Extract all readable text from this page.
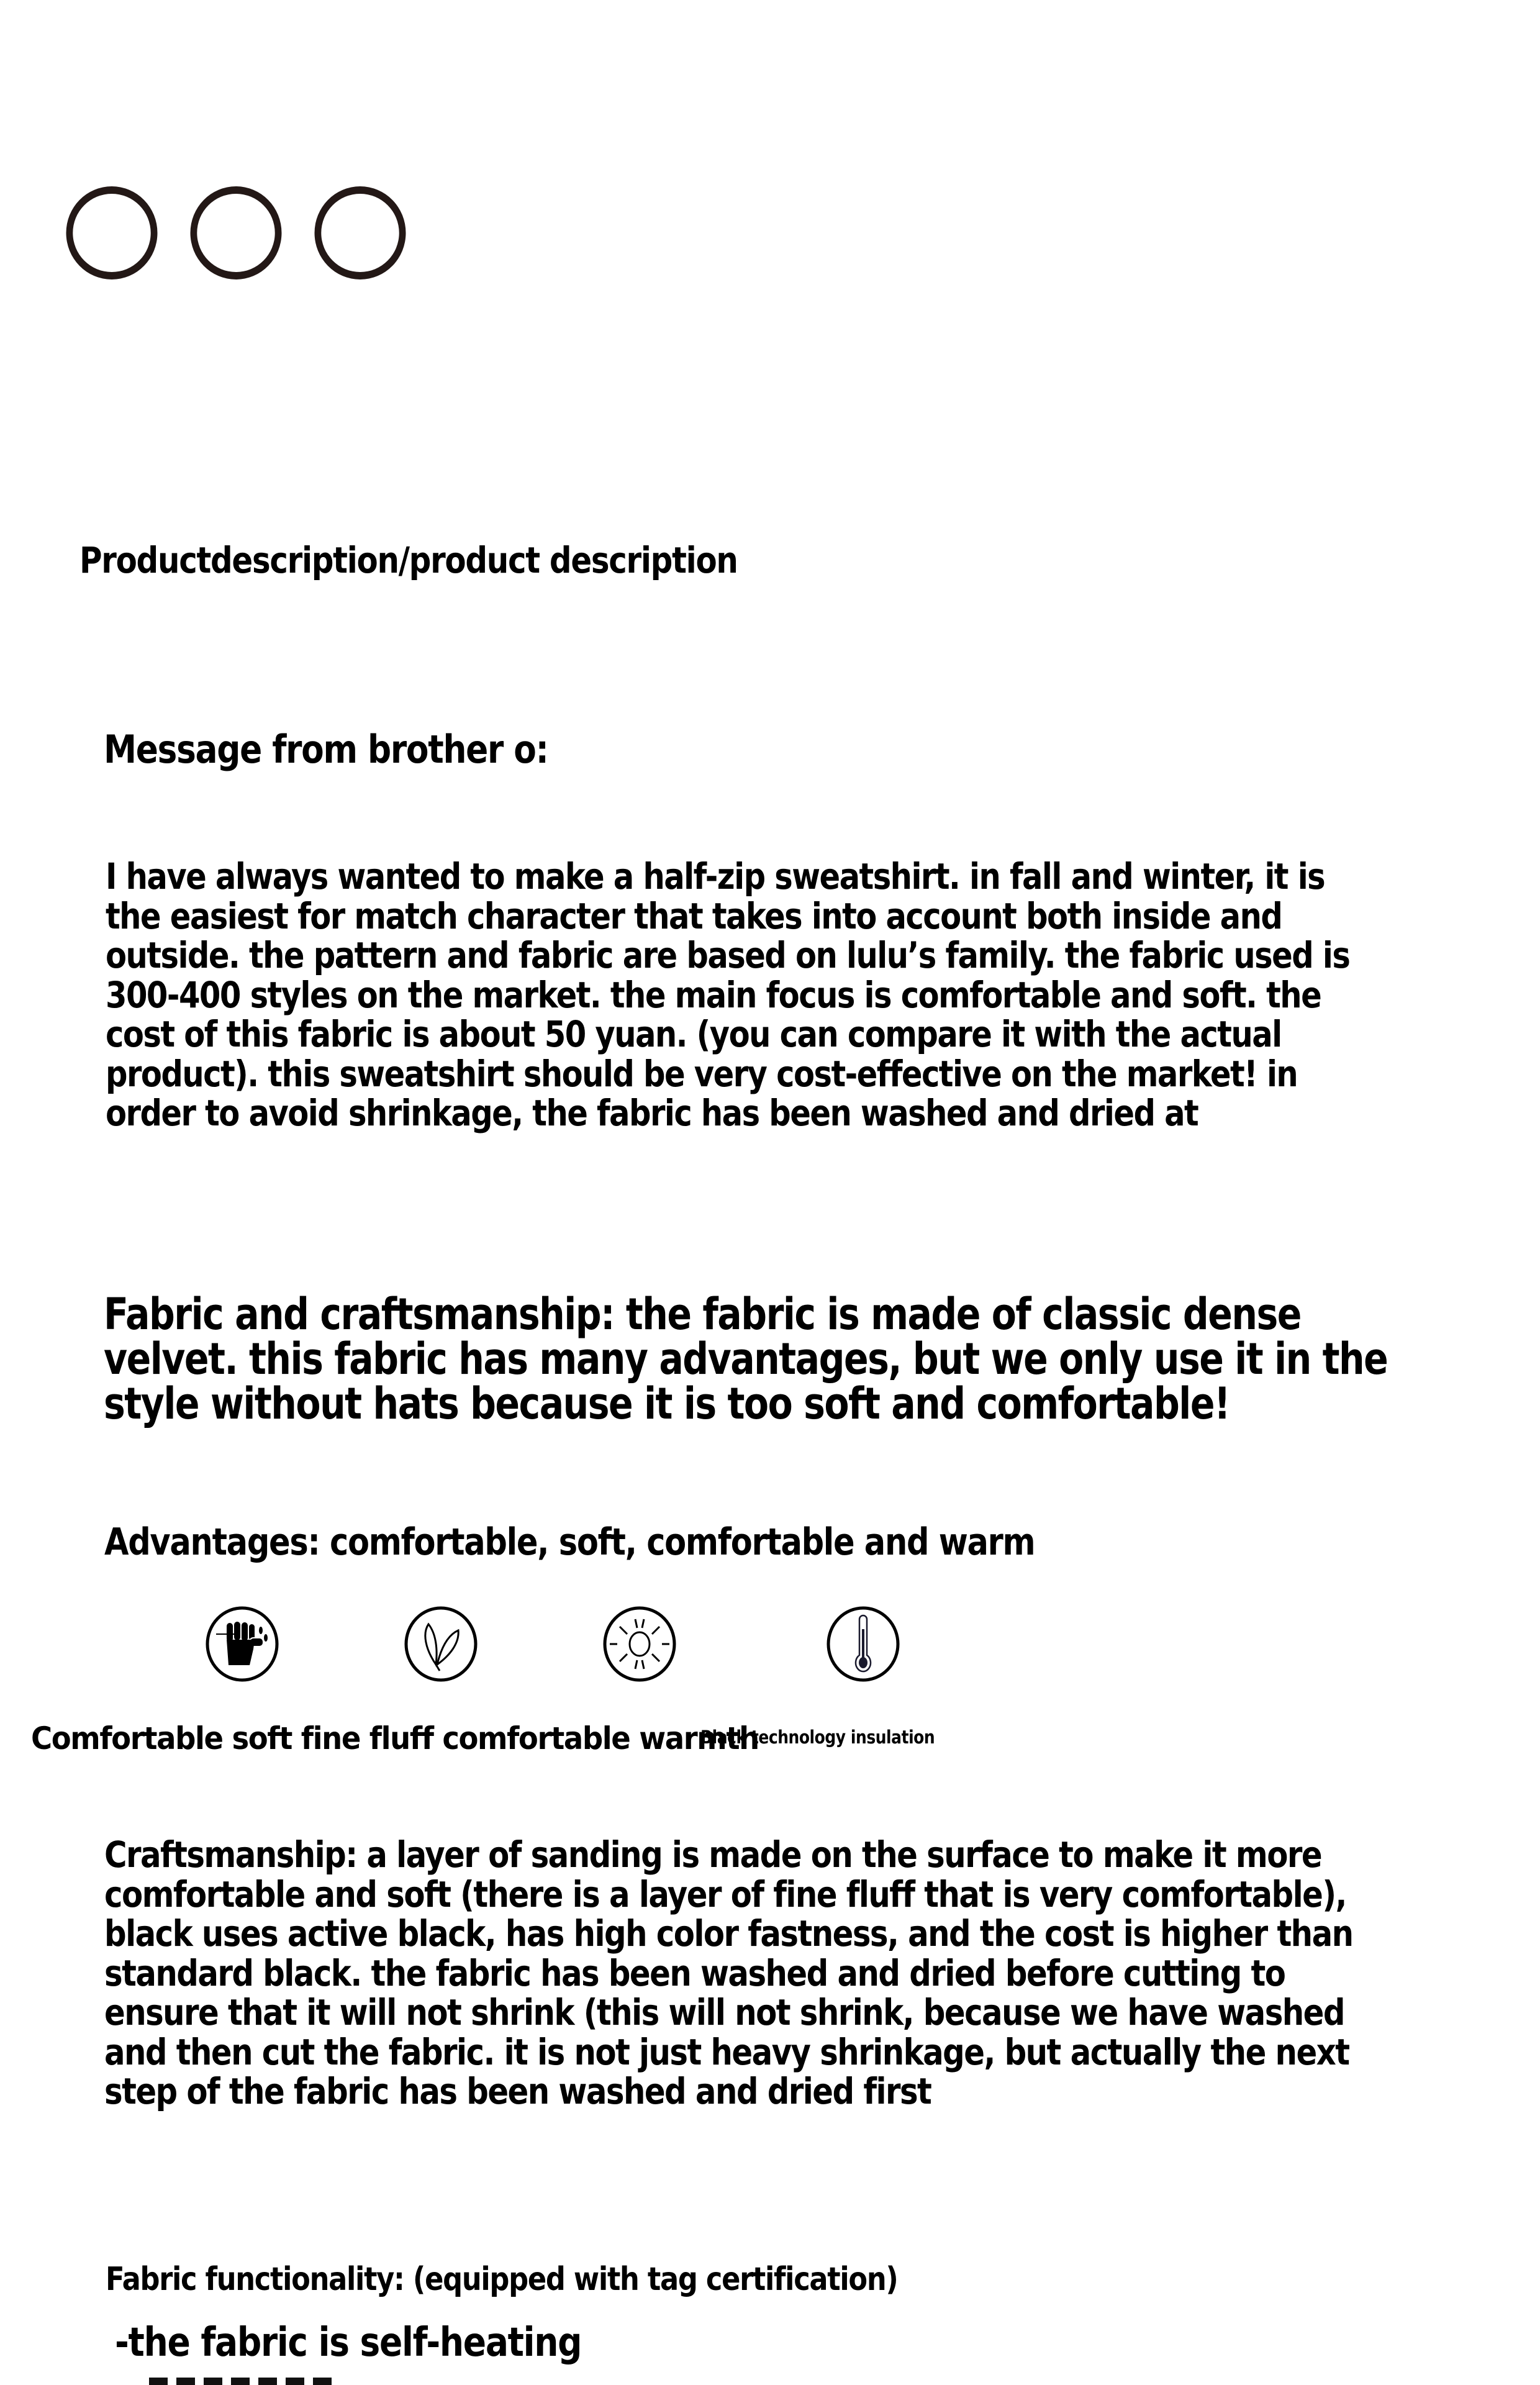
Productdescription/product description
Message from brother o:
I have always wanted to make a half-zip sweatshirt. in fall and winter, it is
the easiest for match character that takes into account both inside and
outside. the pattern and fabric are based on lulu’s family. the fabric used is
300-400 styles on the market. the main focus is comfortable and soft. the
cost of this fabric is about 50 yuan. (you can compare it with the actual
product). this sweatshirt should be very cost-effective on the market! in
order to avoid shrinkage, the fabric has been washed and dried at
Fabric and craftsmanship: the fabric is made of classic dense
velvet. this fabric has many advantages, but we only use it in the
style without hats because it is too soft and comfortable!
Advantages: comfortable, soft, comfortable and warm
Comfortable soft fine fluff comfortable warmth
Black technology insulation
Craftsmanship: a layer of sanding is made on the surface to make it more
comfortable and soft (there is a layer of fine fluff that is very comfortable),
black uses active black, has high color fastness, and the cost is higher than
standard black. the fabric has been washed and dried before cutting to
ensure that it will not shrink (this will not shrink, because we have washed
and then cut the fabric. it is not just heavy shrinkage, but actually the next
step of the fabric has been washed and dried first
Fabric functionality: (equipped with tag certification)
-the fabric is self-heating
